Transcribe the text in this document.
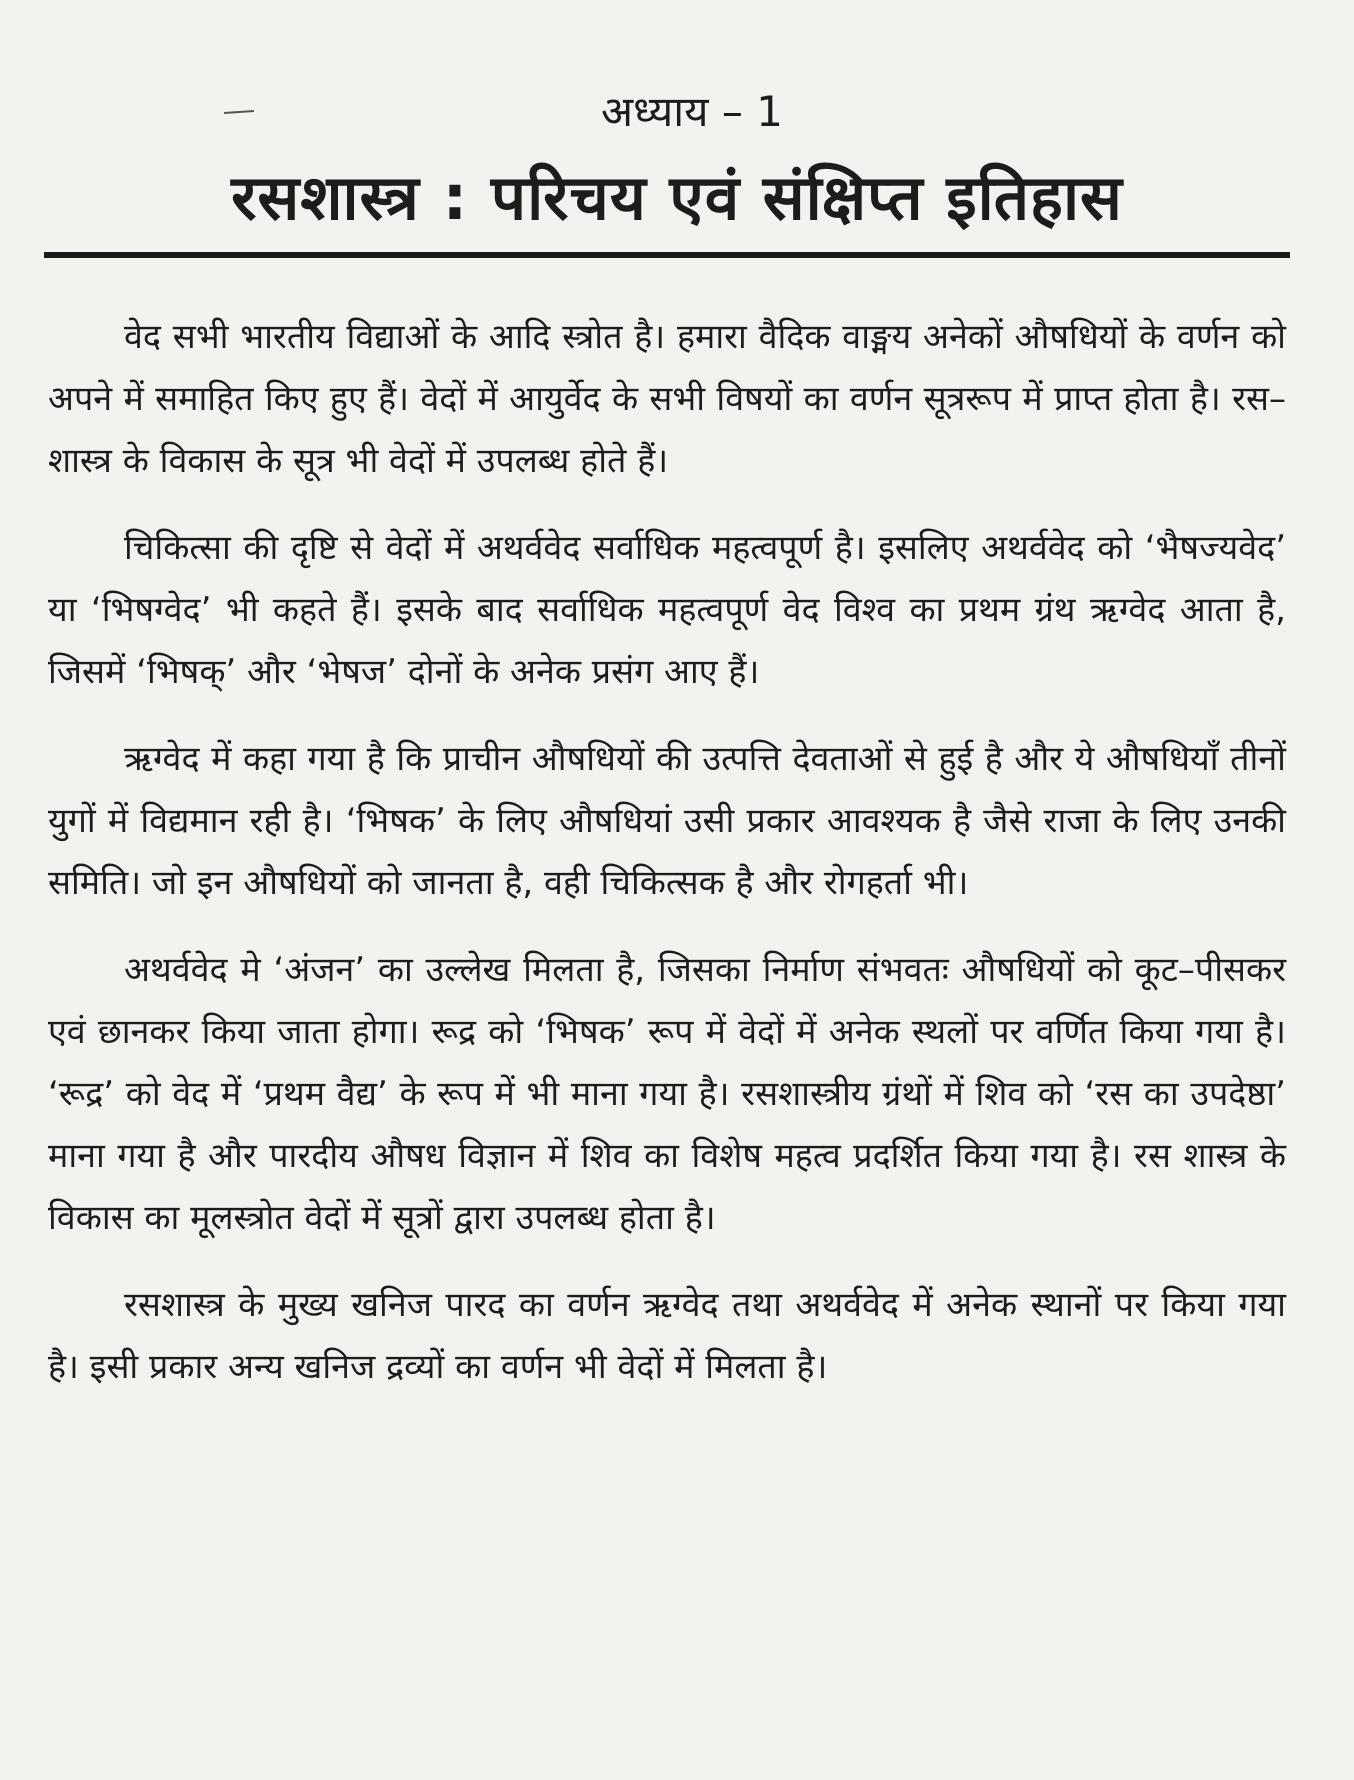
अध्याय – 1
रसशास्त्र : परिचय एवं संक्षिप्त इतिहास

वेद सभी भारतीय विद्याओं के आदि स्त्रोत है। हमारा वैदिक वाङ्मय अनेकों औषधियों के वर्णन को अपने में समाहित किए हुए हैं। वेदों में आयुर्वेद के सभी विषयों का वर्णन सूत्ररूप में प्राप्त होता है। रस–शास्त्र के विकास के सूत्र भी वेदों में उपलब्ध होते हैं।

चिकित्सा की दृष्टि से वेदों में अथर्ववेद सर्वाधिक महत्वपूर्ण है। इसलिए अथर्ववेद को ‘भैषज्यवेद’ या ‘भिषग्वेद’ भी कहते हैं। इसके बाद सर्वाधिक महत्वपूर्ण वेद विश्व का प्रथम ग्रंथ ऋग्वेद आता है, जिसमें ‘भिषक्’ और ‘भेषज’ दोनों के अनेक प्रसंग आए हैं।

ऋग्वेद में कहा गया है कि प्राचीन औषधियों की उत्पत्ति देवताओं से हुई है और ये औषधियाँ तीनों युगों में विद्यमान रही है। ‘भिषक’ के लिए औषधियां उसी प्रकार आवश्यक है जैसे राजा के लिए उनकी समिति। जो इन औषधियों को जानता है, वही चिकित्सक है और रोगहर्ता भी।

अथर्ववेद मे ‘अंजन’ का उल्लेख मिलता है, जिसका निर्माण संभवतः औषधियों को कूट–पीसकर एवं छानकर किया जाता होगा। रूद्र को ‘भिषक’ रूप में वेदों में अनेक स्थलों पर वर्णित किया गया है। ‘रूद्र’ को वेद में ‘प्रथम वैद्य’ के रूप में भी माना गया है। रसशास्त्रीय ग्रंथों में शिव को ‘रस का उपदेष्ठा’ माना गया है और पारदीय औषध विज्ञान में शिव का विशेष महत्व प्रदर्शित किया गया है। रस शास्त्र के विकास का मूलस्त्रोत वेदों में सूत्रों द्वारा उपलब्ध होता है।

रसशास्त्र के मुख्य खनिज पारद का वर्णन ऋग्वेद तथा अथर्ववेद में अनेक स्थानों पर किया गया है। इसी प्रकार अन्य खनिज द्रव्यों का वर्णन भी वेदों में मिलता है।
